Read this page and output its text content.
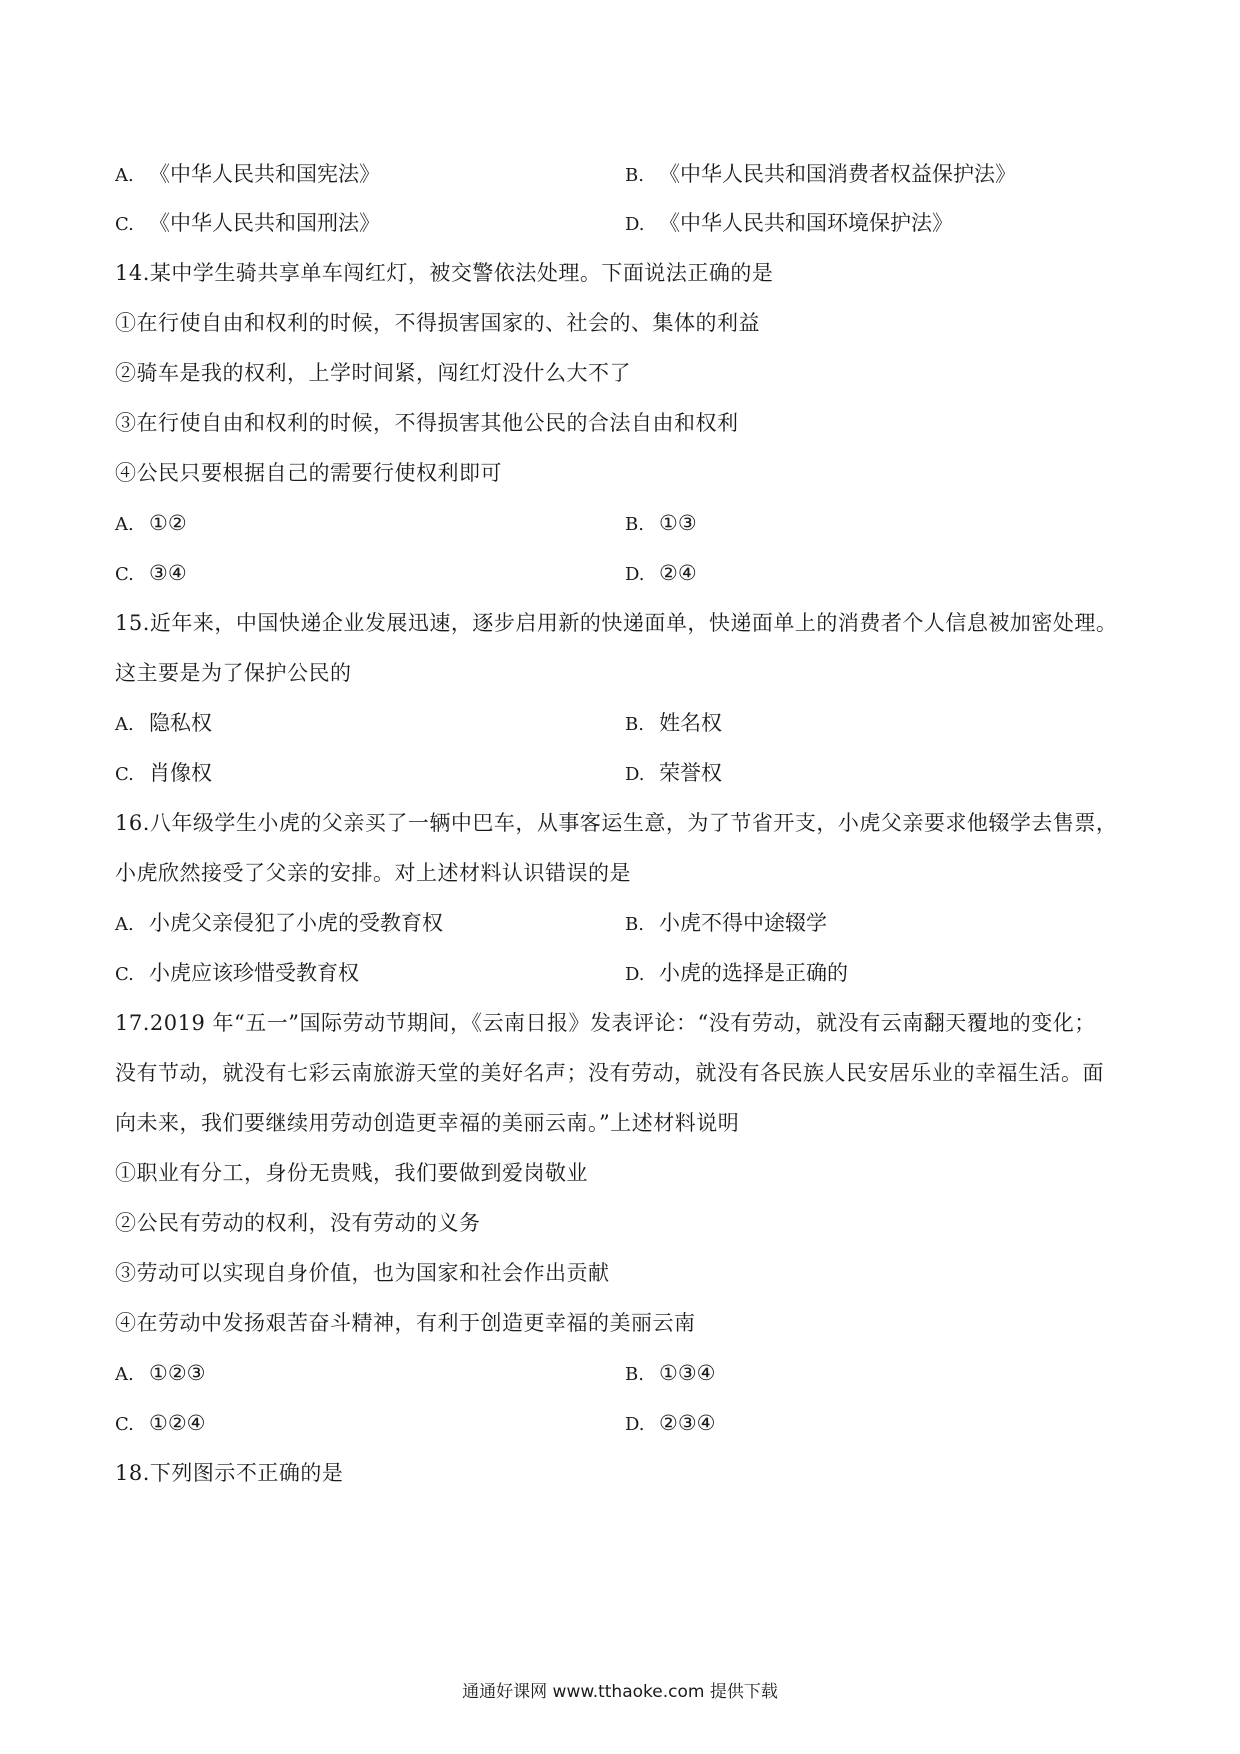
A. 《中华人民共和国宪法》	B. 《中华人民共和国消费者权益保护法》
C. 《中华人民共和国刑法》	D. 《中华人民共和国环境保护法》
14.某中学生骑共享单车闯红灯，被交警依法处理。下面说法正确的是
①在行使自由和权利的时候，不得损害国家的、社会的、集体的利益
②骑车是我的权利，上学时间紧，闯红灯没什么大不了
③在行使自由和权利的时候，不得损害其他公民的合法自由和权利
④公民只要根据自己的需要行使权利即可
A. ①②	B. ①③
C. ③④	D. ②④
15.近年来，中国快递企业发展迅速，逐步启用新的快递面单，快递面单上的消费者个人信息被加密处理。
这主要是为了保护公民的
A. 隐私权	B. 姓名权
C. 肖像权	D. 荣誉权
16.八年级学生小虎的父亲买了一辆中巴车，从事客运生意，为了节省开支，小虎父亲要求他辍学去售票，
小虎欣然接受了父亲的安排。对上述材料认识错误的是
A. 小虎父亲侵犯了小虎的受教育权	B. 小虎不得中途辍学
C. 小虎应该珍惜受教育权	D. 小虎的选择是正确的
17.2019 年“五一”国际劳动节期间，《云南日报》发表评论：“没有劳动，就没有云南翻天覆地的变化；
没有节动，就没有七彩云南旅游天堂的美好名声；没有劳动，就没有各民族人民安居乐业的幸福生活。面
向未来，我们要继续用劳动创造更幸福的美丽云南。”上述材料说明
①职业有分工，身份无贵贱，我们要做到爱岗敬业
②公民有劳动的权利，没有劳动的义务
③劳动可以实现自身价值，也为国家和社会作出贡献
④在劳动中发扬艰苦奋斗精神，有利于创造更幸福的美丽云南
A. ①②③	B. ①③④
C. ①②④	D. ②③④
18.下列图示不正确的是
通通好课网 www.tthaoke.com 提供下载
